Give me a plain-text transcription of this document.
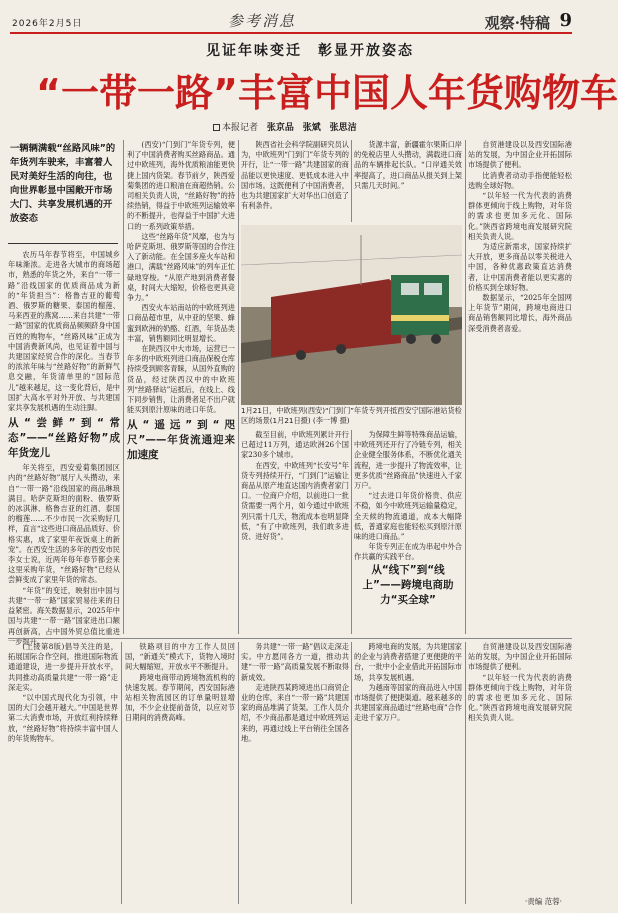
2026年2月5日	参考消息	观察·特稿 9
见证年味变迁 彰显开放姿态
“一带一路”丰富中国人年货购物车
本报记者 张京品 张斌 张思洁

一辆辆满载“丝路风味”的年货列车驶来，丰富着人民对美好生活的向往，也向世界彰显中国敞开市场大门、共享发展机遇的开放姿态

农历马年春节将至，中国城乡年味渐浓。走进各大城市的商场超市，熟悉的年货之外，来自“一带一路”沿线国家的优质商品成为新的“年货担当”：格鲁吉亚的葡萄酒、俄罗斯的糖果、泰国的榴莲、马来西亚的燕窝……来自共建“一带一路”国家的优质商品频频跻身中国百姓的购物车，“丝路风味”正成为中国消费新风尚，也见证着中国与共建国家经贸合作的深化。当春节的浓浓年味与“丝路好物”的新鲜气息交融，年货清单里的“国际范儿”越来越足，这一变化背后，是中国扩大高水平对外开放、与共建国家共享发展机遇的生动注脚。

从“尝鲜”到“常态”——“丝路好物”成年货宠儿

年关将至，西安爱菊集团园区内的“丝路好物”展厅人头攒动，来自“一带一路”沿线国家的商品琳琅满目。哈萨克斯坦的面粉、俄罗斯的冰淇淋、格鲁吉亚的红酒、泰国的榴莲……不少市民一次采购好几样，直言“这些进口商品品质好、价格实惠，成了家里年夜饭桌上的新宠”。在西安生活的多年的西安市民李女士说，近两年每年春节都会来这里采购年货，“丝路好物”已经从尝鲜变成了家里年货的常态。

“年货”的变迁，映射出中国与共建“一带一路”国家贸易往来的日益紧密。海关数据显示，2025年中国与共建“一带一路”国家进出口额再创新高，占中国外贸总值比重进一步提升。

(西安)“门到门”年货专列，便利了中国消费者购买丝路商品。通过中欧班列，海外优质粮油能更快捷上国内货架。春节前夕，陕西爱菊集团的进口粮油在商超热销。公司相关负责人说，“丝路好物”的持续热销，得益于中欧班列运输效率的不断提升，也得益于中国扩大进口的一系列政策举措。

这些“丝路年货”风靡，也为与哈萨克斯坦、俄罗斯等国的合作注入了新动能。在全国多座火车站和港口，满载“丝路风味”的列车正忙碌地穿梭。“从原产地到消费者餐桌，时间大大缩短，价格也更具竞争力。”

西安火车站南站的中欧班列进口商品超市里，从中亚的坚果、蜂蜜到欧洲的奶酪、红酒，年货品类丰富，销售额同比明显增长。

在陕西汉中大市场，运营已一年多的中欧班列进口商品保税仓库持续受到顾客青睐，从国外直购的货品，经过陕西汉中的中欧班列“丝路驿站”运抵后，在线上、线下同步销售，让消费者足不出户就能买到原汁原味的进口年货。

从“遥远”到“咫尺”——年货流通迎来加速度

陕西省社会科学院副研究员认为，中欧班列“门到门”年货专列的开行，让“一带一路”共建国家的商品能以更快速度、更低成本进入中国市场。这既便利了中国消费者，也为共建国家扩大对华出口创造了有利条件。

货源丰富，新疆霍尔果斯口岸的免税店里人头攒动，满载进口商品的车辆排起长队。“口岸通关效率提高了，进口商品从报关到上架只需几天时间。”

1月21日，中欧班列(西安)“门到门”年货专列开抵西安宁国际港站货检区的场景(1月21日摄) (李一博 摄)

截至目前，中欧班列累计开行已超过11万列，通达欧洲26个国家230多个城市。

在西安，中欧班列“长安号”年货专列持续开行，“门到门”运输让商品从原产地直达国内消费者家门口。一位商户介绍，以前进口一批货需要一两个月，如今通过中欧班列只需十几天，物流成本也明显降低，“有了中欧班列，我们敢多进货、进好货”。

为保障生鲜等特殊商品运输，中欧班列还开行了冷链专列，相关企业健全服务体系，不断优化通关流程，进一步提升了物流效率，让更多优质“丝路商品”快速进入千家万户。

“过去进口年货价格贵、供应不稳，如今中欧班列运输量稳定，全天候的物流通道，成本大幅降低，普通家庭也能轻松买到原汁原味的进口商品。”

年货专列正在成为串起中外合作共赢的实践平台。

从“线下”到“线上”——跨境电商助力“买全球”

自贸港建设以及西安国际港站的发展，为中国企业开拓国际市场提供了便利。

比消费者动动手指便能轻松选购全球好物。

“以年轻一代为代表的消费群体更倾向于线上购物，对年货的需求也更加多元化、国际化。”陕西省跨境电商发展研究院相关负责人说。

为适应新需求，国家持续扩大开放，更多商品以零关税进入中国，各种优惠政策直达消费者，让中国消费者能以更实惠的价格买到全球好物。

数据显示，“2025年全国网上年货节”期间，跨境电商进口商品销售额同比增长，海外商品深受消费者喜爱。

(上接第8版)倡导关注的是，拓展国际合作空间，推进国际物流通道建设，进一步提升开放水平，共同推动高质量共建“一带一路”走深走实。

“以中国式现代化为引领，中国的大门会越开越大。”中国是世界第二大消费市场，开放红利持续释放，“丝路好物”将持续丰富中国人的年货购物车。

铁路项目的中方工作人员回国，“新通关”模式下，货物入境时间大幅缩短，开放水平不断提升。

跨境电商带动跨境物流机构的快速发展。春节期间，西安国际港站相关物流园区的订单量明显增加，不少企业提前备货，以应对节日期间的消费高峰。

务共建“一带一路”倡议走深走实。中方愿同各方一道，推动共建“一带一路”高质量发展不断取得新成效。

走进陕西某跨境进出口商贸企业的仓库，来自“一带一路”共建国家的商品堆满了货架。工作人员介绍，不少商品都是通过中欧班列运来的，再通过线上平台销往全国各地。

跨境电商的发展，为共建国家的企业与消费者搭建了更便捷的平台，一批中小企业借此开拓国际市场，共享发展机遇。

为越南等国家的商品进入中国市场提供了便捷渠道。越来越多的共建国家商品通过“丝路电商”合作走进千家万户。

自贸港建设以及西安国际港站的发展，为中国企业开拓国际市场提供了便利。

“以年轻一代为代表的消费群体更倾向于线上购物，对年货的需求也更加多元化、国际化。”陕西省跨境电商发展研究院相关负责人说。

·责编 范蓉·
